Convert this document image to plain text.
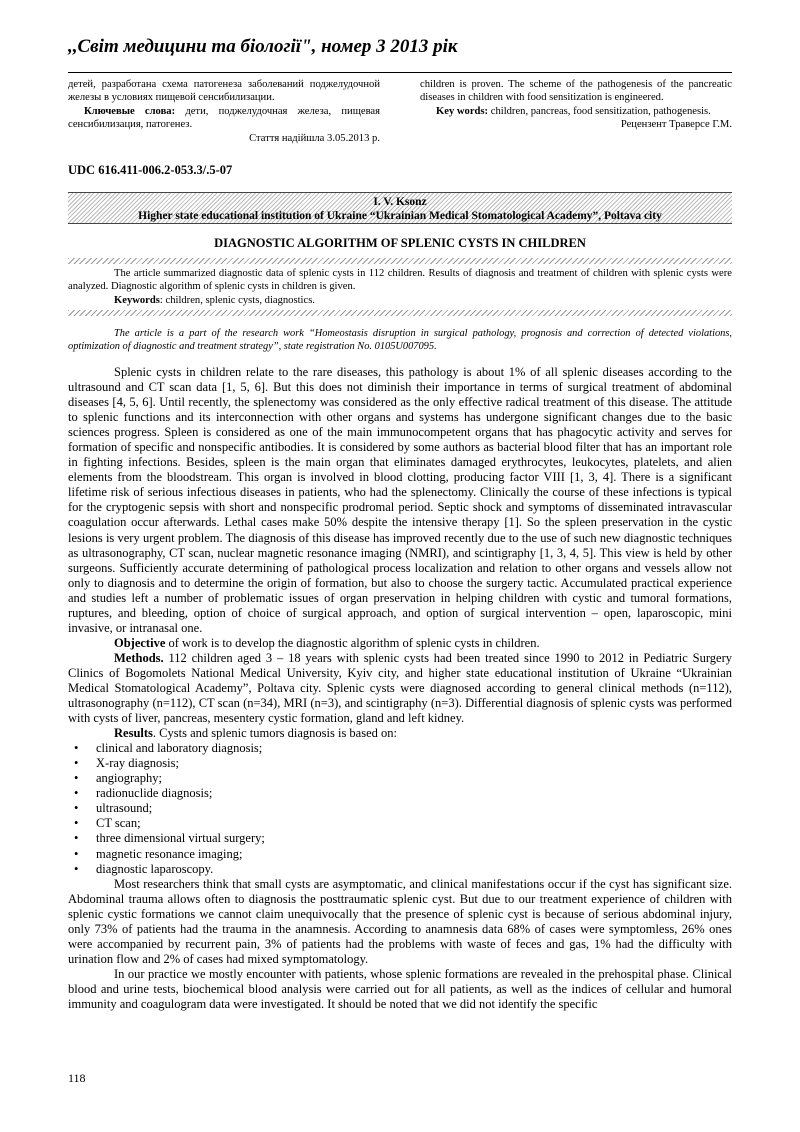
,,Світ медицини та біології", номер 3 2013 рік

детей, разработана схема патогенеза заболеваний поджелудочной железы в условиях пищевой сенсибилизации.

Ключевые слова: дети, поджелудочная железа, пищевая сенсибилизация, патогенез.

Стаття надійшла 3.05.2013 р.

children is proven. The scheme of the pathogenesis of the pancreatic diseases in children with food sensitization is engineered.

Key words: children, pancreas, food sensitization, pathogenesis.

Рецензент Траверсе Г.М.

UDC 616.411-006.2-053.3/.5-07
I. V. Ksonz
Higher state educational institution of Ukraine “Ukrainian Medical Stomatological Academy”, Poltava city
DIAGNOSTIC ALGORITHM OF SPLENIC CYSTS IN CHILDREN

The article summarized diagnostic data of splenic cysts in 112 children. Results of diagnosis and treatment of children with splenic cysts were analyzed. Diagnostic algorithm of splenic cysts in children is given.

Keywords: children, splenic cysts, diagnostics.

The article is a part of the research work “Homeostasis disruption in surgical pathology, prognosis and correction of detected violations, optimization of diagnostic and treatment strategy”, state registration No. 0105U007095.

Splenic cysts in children relate to the rare diseases, this pathology is about 1% of all splenic diseases according to the ultrasound and CT scan data [1, 5, 6]. But this does not diminish their importance in terms of surgical treatment of abdominal diseases [4, 5, 6]. Until recently, the splenectomy was considered as the only effective radical treatment of this disease. The attitude to splenic functions and its interconnection with other organs and systems has undergone significant changes due to the basic sciences progress. Spleen is considered as one of the main immunocompetent organs that has phagocytic activity and serves for formation of specific and nonspecific antibodies. It is considered by some authors as bacterial blood filter that has an important role in fighting infections. Besides, spleen is the main organ that eliminates damaged erythrocytes, leukocytes, platelets, and alien elements from the bloodstream. This organ is involved in blood clotting, producing factor VIII [1, 3, 4]. There is a significant lifetime risk of serious infectious diseases in patients, who had the splenectomy. Clinically the course of these infections is typical for the cryptogenic sepsis with short and nonspecific prodromal period. Septic shock and symptoms of disseminated intravascular coagulation occur afterwards. Lethal cases make 50% despite the intensive therapy [1]. So the spleen preservation in the cystic lesions is very urgent problem. The diagnosis of this disease has improved recently due to the use of such new diagnostic techniques as ultrasonography, CT scan, nuclear magnetic resonance imaging (NMRI), and scintigraphy [1, 3, 4, 5]. This view is held by other surgeons. Sufficiently accurate determining of pathological process localization and relation to other organs and vessels allow not only to diagnosis and to determine the origin of formation, but also to choose the surgery tactic. Accumulated practical experience and studies left a number of problematic issues of organ preservation in helping children with cystic and tumoral formations, ruptures, and bleeding, option of choice of surgical approach, and option of surgical intervention – open, laparoscopic, mini invasive, or intranasal one.

Objective of work is to develop the diagnostic algorithm of splenic cysts in children.

Methods. 112 children aged 3 – 18 years with splenic cysts had been treated since 1990 to 2012 in Pediatric Surgery Clinics of Bogomolets National Medical University, Kyiv city, and higher state educational institution of Ukraine “Ukrainian Medical Stomatological Academy”, Poltava city. Splenic cysts were diagnosed according to general clinical methods (n=112), ultrasonography (n=112), CT scan (n=34), MRI (n=3), and scintigraphy (n=3). Differential diagnosis of splenic cysts was performed with cysts of liver, pancreas, mesentery cystic formation, gland and left kidney.

Results. Cysts and splenic tumors diagnosis is based on:

• clinical and laboratory diagnosis;
• X-ray diagnosis;
• angiography;
• radionuclide diagnosis;
• ultrasound;
• CT scan;
• three dimensional virtual surgery;
• magnetic resonance imaging;
• diagnostic laparoscopy.

Most researchers think that small cysts are asymptomatic, and clinical manifestations occur if the cyst has significant size. Abdominal trauma allows often to diagnosis the posttraumatic splenic cyst. But due to our treatment experience of children with splenic cystic formations we cannot claim unequivocally that the presence of splenic cyst is because of serious abdominal injury, only 73% of patients had the trauma in the anamnesis. According to anamnesis data 68% of cases were symptomless, 26% ones were accompanied by recurrent pain, 3% of patients had the problems with waste of feces and gas, 1% had the difficulty with urination flow and 2% of cases had mixed symptomatology.

In our practice we mostly encounter with patients, whose splenic formations are revealed in the prehospital phase. Clinical blood and urine tests, biochemical blood analysis were carried out for all patients, as well as the indices of cellular and humoral immunity and coagulogram data were investigated. It should be noted that we did not identify the specific

118
